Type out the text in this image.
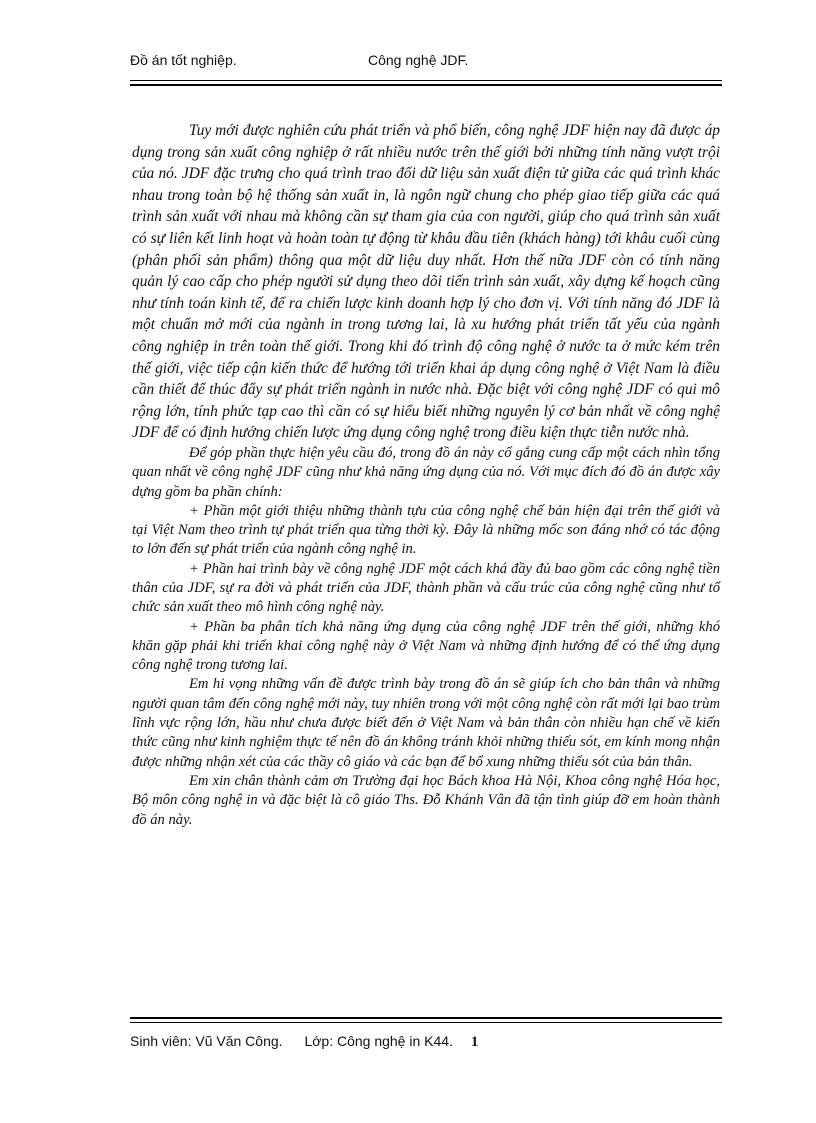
Đồ án tốt nghiệp.	Công nghệ JDF.

Tuy mới được nghiên cứu phát triển và phổ biến, công nghệ JDF hiện nay đã được áp dụng trong sản xuất công nghiệp ở rất nhiều nước trên thế giới bởi những tính năng vượt trội của nó. JDF đặc trưng cho quá trình trao đổi dữ liệu sản xuất điện tử giữa các quá trình khác nhau trong toàn bộ hệ thống sản xuất in, là ngôn ngữ chung cho phép giao tiếp giữa các quá trình sản xuất với nhau mà không cần sự tham gia của con người, giúp cho quá trình sản xuất có sự liên kết linh hoạt và hoàn toàn tự động từ khâu đầu tiên (khách hàng) tới khâu cuối cùng (phân phối sản phẩm) thông qua một dữ liệu duy nhất. Hơn thế nữa JDF còn có tính năng quản lý cao cấp cho phép người sử dụng theo dõi tiến trình sản xuất, xây dựng kế hoạch cũng như tính toán kinh tế, để ra chiến lược kinh doanh hợp lý cho đơn vị. Với tính năng đó JDF là một chuẩn mở mới của ngành in trong tương lai, là xu hướng phát triển tất yếu của ngành công nghiệp in trên toàn thế giới. Trong khi đó trình độ công nghệ ở nước ta ở mức kém trên thế giới, việc tiếp cận kiến thức để hướng tới triển khai áp dụng công nghệ ở Việt Nam là điều cần thiết để thúc đẩy sự phát triển ngành in nước nhà. Đặc biệt với công nghệ JDF có qui mô rộng lớn, tính phức tạp cao thì cần có sự hiểu biết những nguyên lý cơ bản nhất về công nghệ JDF để có định hướng chiến lược ứng dụng công nghệ trong điều kiện thực tiễn nước nhà.

Để góp phần thực hiện yêu cầu đó, trong đồ án này cố gắng cung cấp một cách nhìn tổng quan nhất về công nghệ JDF cũng như khả năng ứng dụng của nó. Với mục đích đó đồ án được xây dựng gồm ba phần chính:

+ Phần một giới thiệu những thành tựu của công nghệ chế bản hiện đại trên thế giới và tại Việt Nam theo trình tự phát triển qua từng thời kỳ. Đây là những mốc son đáng nhớ có tác động to lớn đến sự phát triển của ngành công nghệ in.

+ Phần hai trình bày về công nghệ JDF một cách khá đầy đủ bao gồm các công nghệ tiền thân của JDF, sự ra đời và phát triển của JDF, thành phần và cấu trúc của công nghệ cũng như tổ chức sản xuất theo mô hình công nghệ này.

+ Phần ba phân tích khả năng ứng dụng của công nghệ JDF trên thế giới, những khó khăn gặp phải khi triển khai công nghệ này ở Việt Nam và những định hướng để có thể ứng dụng công nghệ trong tương lai.

Em hi vọng những vấn đề được trình bày trong đồ án sẽ giúp ích cho bản thân và những người quan tâm đến công nghệ mới này, tuy nhiên trong với một công nghệ còn rất mới lại bao trùm lĩnh vực rộng lớn, hầu như chưa được biết đến ở Việt Nam và bản thân còn nhiều hạn chế về kiến thức cũng như kinh nghiệm thực tế nên đồ án không tránh khỏi những thiếu sót, em kính mong nhận được những nhận xét của các thầy cô giáo và các bạn để bổ xung những thiếu sót của bản thân.

Em xin chân thành cảm ơn Trường đại học Bách khoa Hà Nội, Khoa công nghệ Hóa học, Bộ môn công nghệ in và đặc biệt là cô giáo Ths. Đỗ Khánh Vân đã tận tình giúp đỡ em hoàn thành đồ án này.

Sinh viên: Vũ Văn Công. Lớp: Công nghệ in K44. 1
